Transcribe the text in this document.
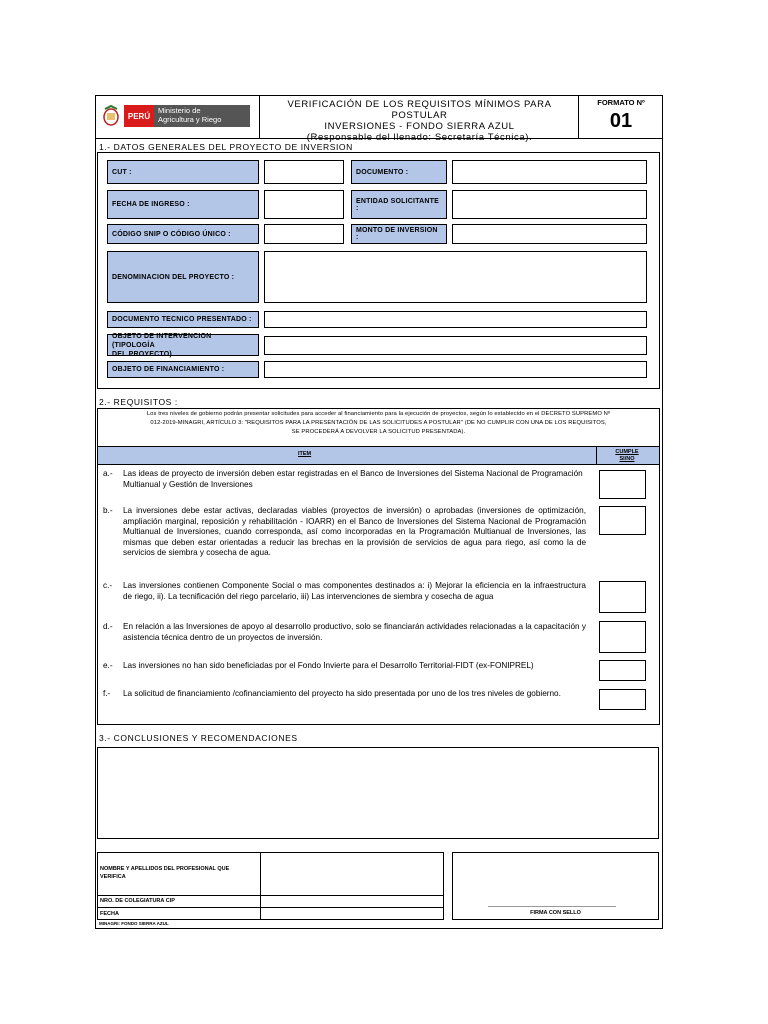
PERÚ
Ministerio de
Agricultura y Riego
VERIFICACIÓN DE LOS REQUISITOS MÍNIMOS PARA POSTULAR
INVERSIONES - FONDO SIERRA AZUL
FORMATO Nº
01
1.- DATOS GENERALES DEL PROYECTO DE INVERSION
CUT :	DOCUMENTO :
FECHA DE INGRESO :	ENTIDAD SOLICITANTE :
CÓDIGO SNIP O CÓDIGO ÚNICO :	MONTO DE INVERSION :
DENOMINACION DEL PROYECTO :
DOCUMENTO TECNICO PRESENTADO :
OBJETO DE INTERVENCION (TIPOLOGÍA
DEL PROYECTO)
OBJETO DE FINANCIAMIENTO :
2.- REQUISITOS :
Los tres niveles de gobierno podrán presentar solicitudes para acceder al financiamiento para la ejecución de proyectos, según lo establecido en el DECRETO SUPREMO Nº
012-2019-MINAGRI, ARTÍCULO 3: "REQUISITOS PARA LA PRESENTACIÓN DE LAS SOLICITUDES A POSTULAR" (DE NO CUMPLIR CON UNA DE LOS REQUISITOS,
SE PROCEDERÁ A DEVOLVER LA SOLICITUD PRESENTADA).
ITEM	CUMPLE
SI/NO
a.-	Las ideas de proyecto de inversión deben estar registradas en el Banco de Inversiones del Sistema Nacional de Programación Multianual y Gestión de Inversiones
b.-	La inversiones debe estar activas, declaradas viables (proyectos de inversión) o aprobadas (inversiones de optimización, ampliación marginal, reposición y rehabilitación - IOARR) en el Banco de Inversiones del Sistema Nacional de Programación Multianual de Inversiones, cuando corresponda, así como incorporadas en la Programación Multianual de Inversiones, las mismas que deben estar orientadas a reducir las brechas en la provisión de servicios de agua para riego, así como la de servicios de siembra y cosecha de agua.
c.-	Las inversiones contienen Componente Social o mas componentes destinados a: i) Mejorar la eficiencia en la infraestructura de riego, ii). La tecnificación del riego parcelario, iii) Las intervenciones de siembra y cosecha de agua
d.-	En relación a las Inversiones de apoyo al desarrollo productivo, solo se financiarán actividades relacionadas a la capacitación y asistencia técnica dentro de un proyectos de inversión.
e.-	Las inversiones no han sido beneficiadas por el Fondo Invierte para el Desarrollo Territorial-FIDT (ex-FONIPREL)
f.-	La solicitud de financiamiento /cofinanciamiento del proyecto ha sido presentada por uno de los tres niveles de gobierno.
3.- CONCLUSIONES Y RECOMENDACIONES
NOMBRE Y APELLIDOS DEL PROFESIONAL QUE
VERIFICA
NRO. DE COLEGIATURA CIP
FECHA	FIRMA CON SELLO
MINAGRI: FONDO SIERRA AZUL
